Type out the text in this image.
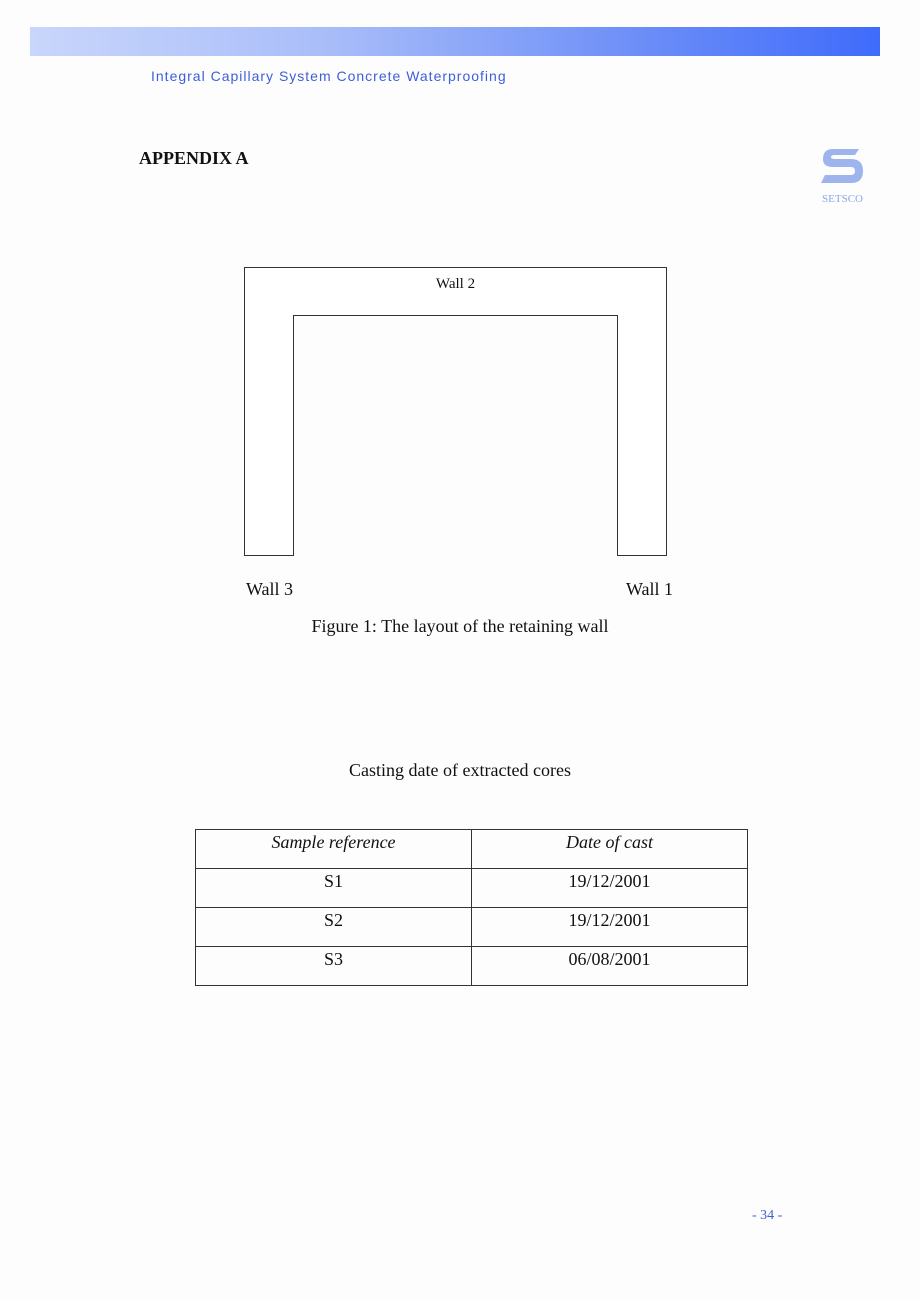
Integral Capillary System Concrete Waterproofing
APPENDIX A
SETSCO
Wall 2
Wall 3	Wall 1
Figure 1: The layout of the retaining wall
Casting date of extracted cores
Sample reference	Date of cast
S1	19/12/2001
S2	19/12/2001
S3	06/08/2001
- 34 -
